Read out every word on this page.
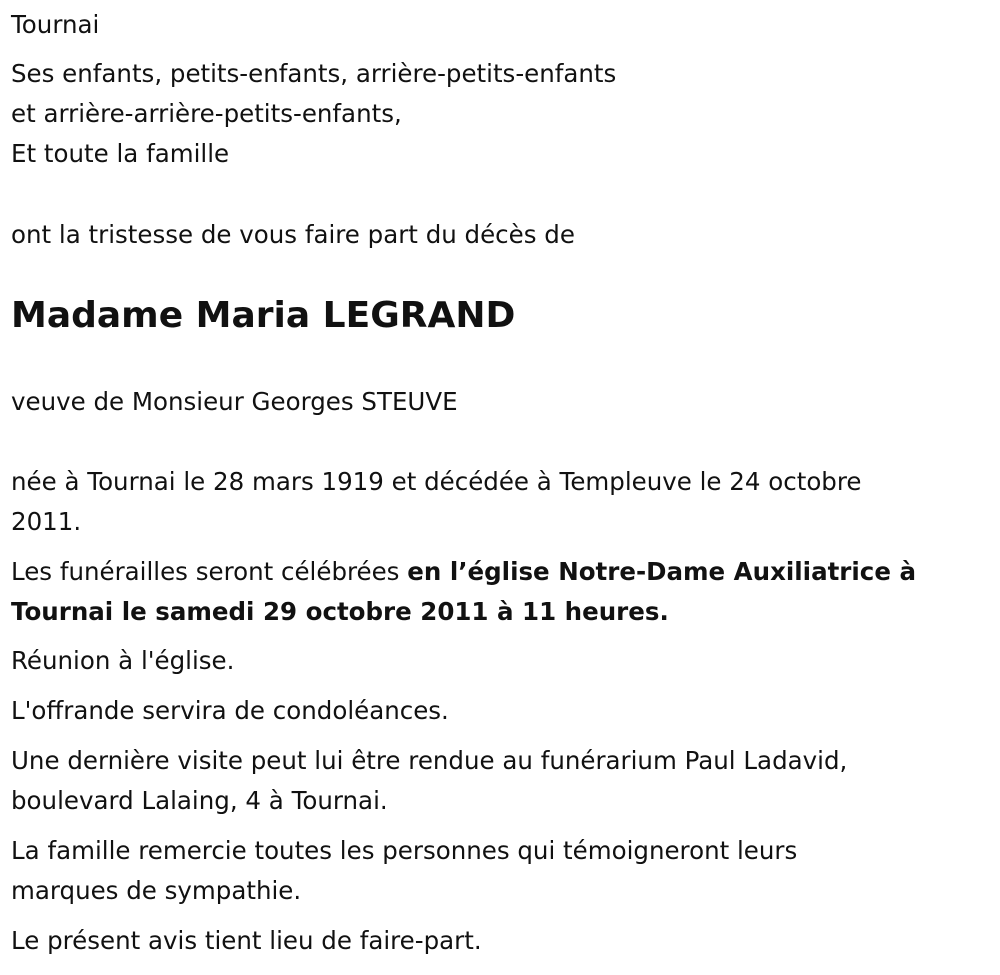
Tournai
Ses enfants, petits-enfants, arrière-petits-enfants
et arrière-arrière-petits-enfants,
Et toute la famille
ont la tristesse de vous faire part du décès de
Madame Maria LEGRAND
veuve de Monsieur Georges STEUVE
née à Tournai le 28 mars 1919 et décédée à Templeuve le 24 octobre
2011.
Les funérailles seront célébrées en l’église Notre-Dame Auxiliatrice à
Tournai le samedi 29 octobre 2011 à 11 heures.
Réunion à l'église.
L'offrande servira de condoléances.
Une dernière visite peut lui être rendue au funérarium Paul Ladavid,
boulevard Lalaing, 4 à Tournai.
La famille remercie toutes les personnes qui témoigneront leurs
marques de sympathie.
Le présent avis tient lieu de faire-part.
